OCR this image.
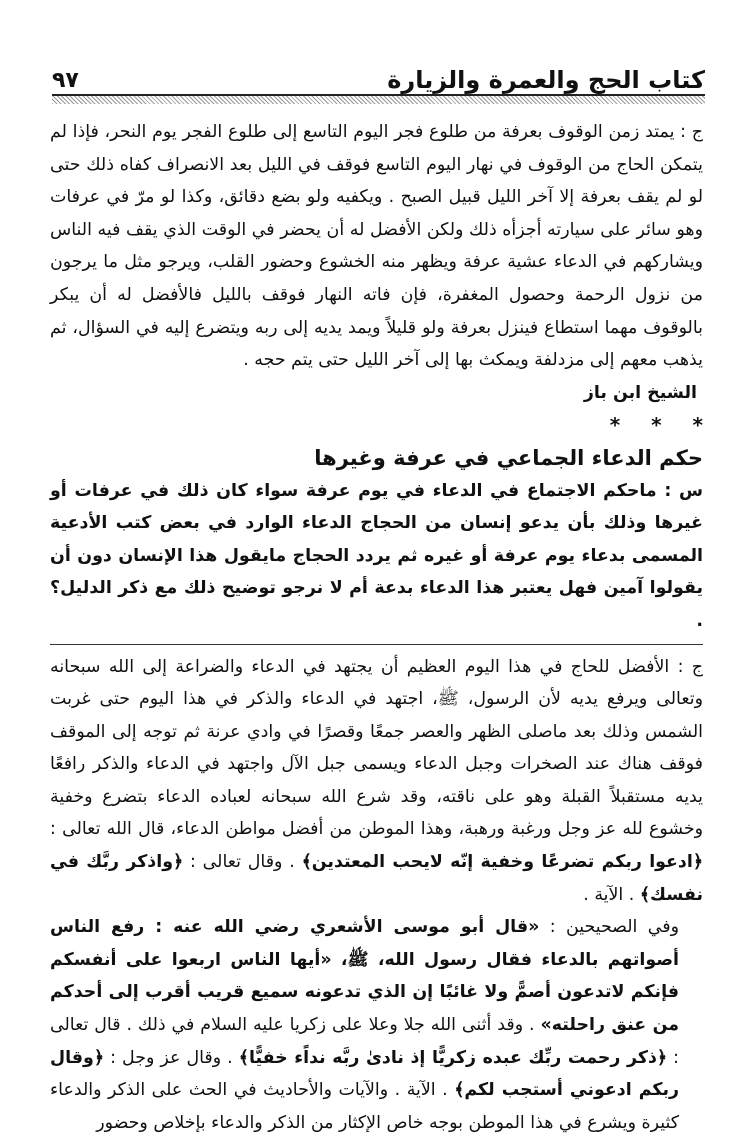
كتاب الحج والعمرة والزيارة
٩٧

ج : يمتد زمن الوقوف بعرفة من طلوع فجر اليوم التاسع إلى طلوع الفجر يوم النحر، فإذا لم يتمكن الحاج من الوقوف في نهار اليوم التاسع فوقف في الليل بعد الانصراف كفاه ذلك حتى لو لم يقف بعرفة إلا آخر الليل قبيل الصبح . ويكفيه ولو بضع دقائق، وكذا لو مرّ في عرفات وهو سائر على سيارته أجزأه ذلك ولكن الأفضل له أن يحضر في الوقت الذي يقف فيه الناس ويشاركهم في الدعاء عشية عرفة ويظهر منه الخشوع وحضور القلب، ويرجو مثل ما يرجون من نزول الرحمة وحصول المغفرة، فإن فاته النهار فوقف بالليل فالأفضل له أن يبكر بالوقوف مهما استطاع فينزل بعرفة ولو قليلاً ويمد يديه إلى ربه ويتضرع إليه في السؤال، ثم يذهب معهم إلى مزدلفة ويمكث بها إلى آخر الليل حتى يتم حجه .

الشيخ ابن باز

* * *

حكم الدعاء الجماعي في عرفة وغيرها

س : ماحكم الاجتماع في الدعاء في يوم عرفة سواء كان ذلك في عرفات أو غيرها وذلك بأن يدعو إنسان من الحجاج الدعاء الوارد في بعض كتب الأدعية المسمى بدعاء يوم عرفة أو غيره ثم يردد الحجاج مايقول هذا الإنسان دون أن يقولوا آمين فهل يعتبر هذا الدعاء بدعة أم لا نرجو توضيح ذلك مع ذكر الدليل؟ .

ج : الأفضل للحاج في هذا اليوم العظيم أن يجتهد في الدعاء والضراعة إلى الله سبحانه وتعالى ويرفع يديه لأن الرسول، ﷺ، اجتهد في الدعاء والذكر في هذا اليوم حتى غربت الشمس وذلك بعد ماصلى الظهر والعصر جمعًا وقصرًا في وادي عرنة ثم توجه إلى الموقف فوقف هناك عند الصخرات وجبل الدعاء ويسمى جبل الآل واجتهد في الدعاء والذكر رافعًا يديه مستقبلاً القبلة وهو على ناقته، وقد شرع الله سبحانه لعباده الدعاء بتضرع وخفية وخشوع لله عز وجل ورغبة ورهبة، وهذا الموطن من أفضل مواطن الدعاء، قال الله تعالى : ﴿ادعوا ربكم تضرعًا وخفية إنّه لايحب المعتدين﴾ . وقال تعالى : ﴿واذكر ربَّك في نفسك﴾ . الآية .

وفي الصحيحين : «قال أبو موسى الأشعري رضي الله عنه : رفع الناس أصواتهم بالدعاء فقال رسول الله، ﷺ، «أيها الناس اربعوا على أنفسكم فإنكم لاتدعون أصمًّ ولا غائبًا إن الذي تدعونه سميع قريب أقرب إلى أحدكم من عنق راحلته» . وقد أثنى الله جلا وعلا على زكريا عليه السلام في ذلك . قال تعالى : ﴿ذكر رحمت ربِّك عبده زكريًّا إذ نادىٰ ربَّه نداًء خفيًّا﴾ . وقال عز وجل : ﴿وقال ربكم ادعوني أستجب لكم﴾ . الآية . والآيات والأحاديث في الحث على الذكر والدعاء كثيرة ويشرع في هذا الموطن بوجه خاص الإكثار من الذكر والدعاء بإخلاص وحضور
